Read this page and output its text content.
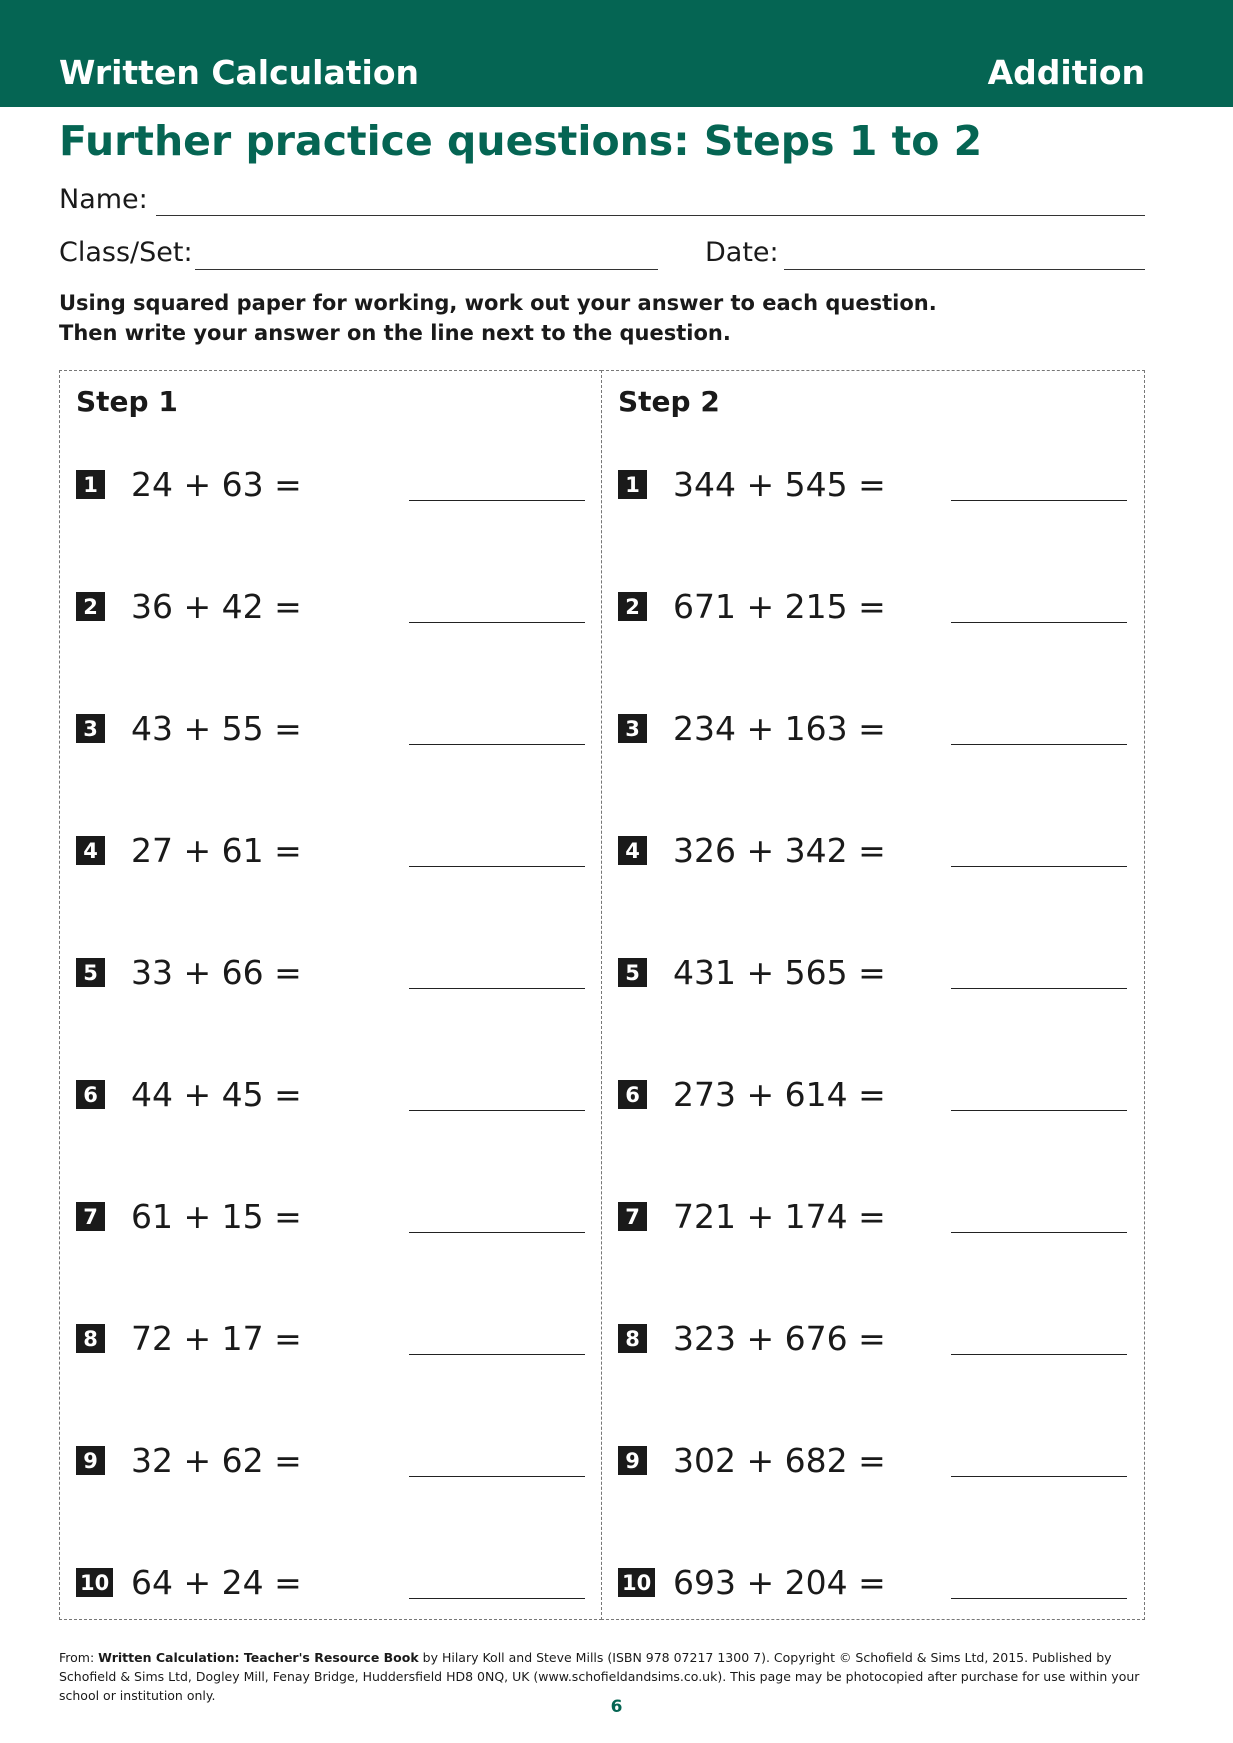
Written Calculation	Addition
Further practice questions: Steps 1 to 2
Name:
Class/Set:	Date:
Using squared paper for working, work out your answer to each question.
Then write your answer on the line next to the question.
Step 1
1 24 + 63 =
2 36 + 42 =
3 43 + 55 =
4 27 + 61 =
5 33 + 66 =
6 44 + 45 =
7 61 + 15 =
8 72 + 17 =
9 32 + 62 =
10 64 + 24 =
Step 2
1 344 + 545 =
2 671 + 215 =
3 234 + 163 =
4 326 + 342 =
5 431 + 565 =
6 273 + 614 =
7 721 + 174 =
8 323 + 676 =
9 302 + 682 =
10 693 + 204 =
From: Written Calculation: Teacher's Resource Book by Hilary Koll and Steve Mills (ISBN 978 07217 1300 7). Copyright © Schofield & Sims Ltd, 2015. Published by Schofield & Sims Ltd, Dogley Mill, Fenay Bridge, Huddersfield HD8 0NQ, UK (www.schofieldandsims.co.uk). This page may be photocopied after purchase for use within your school or institution only.
6
